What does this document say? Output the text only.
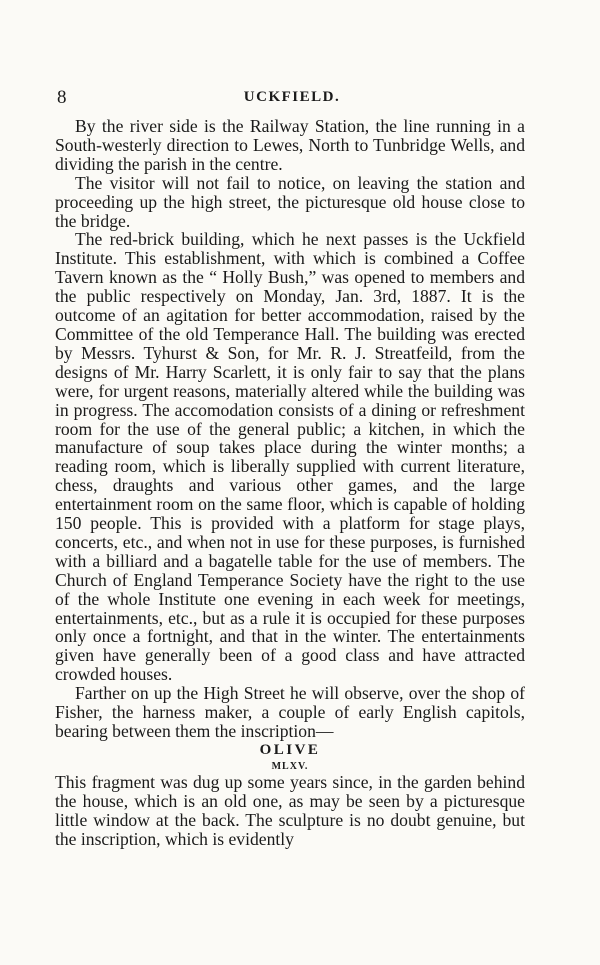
8	UCKFIELD.

By the river side is the Railway Station, the line running in a South-westerly direction to Lewes, North to Tunbridge Wells, and dividing the parish in the centre.

The visitor will not fail to notice, on leaving the station and proceeding up the high street, the picturesque old house close to the bridge.

The red-brick building, which he next passes is the Uckfield Institute. This establishment, with which is combined a Coffee Tavern known as the “ Holly Bush,” was opened to members and the public respectively on Monday, Jan. 3rd, 1887. It is the outcome of an agitation for better accommodation, raised by the Committee of the old Temperance Hall. The building was erected by Messrs. Tyhurst & Son, for Mr. R. J. Streatfeild, from the designs of Mr. Harry Scarlett, it is only fair to say that the plans were, for urgent reasons, materially altered while the building was in progress. The accomodation consists of a dining or refreshment room for the use of the general public; a kitchen, in which the manufacture of soup takes place during the winter months; a reading room, which is liberally supplied with current literature, chess, draughts and various other games, and the large entertainment room on the same floor, which is capable of holding 150 people. This is provided with a platform for stage plays, concerts, etc., and when not in use for these purposes, is furnished with a billiard and a bagatelle table for the use of members. The Church of England Temperance Society have the right to the use of the whole Institute one evening in each week for meetings, entertainments, etc., but as a rule it is occupied for these purposes only once a fortnight, and that in the winter. The entertainments given have generally been of a good class and have attracted crowded houses.

Farther on up the High Street he will observe, over the shop of Fisher, the harness maker, a couple of early English capitols, bearing between them the inscription—

OLIVE
MLXV.

This fragment was dug up some years since, in the garden behind the house, which is an old one, as may be seen by a picturesque little window at the back. The sculpture is no doubt genuine, but the inscription, which is evidently
